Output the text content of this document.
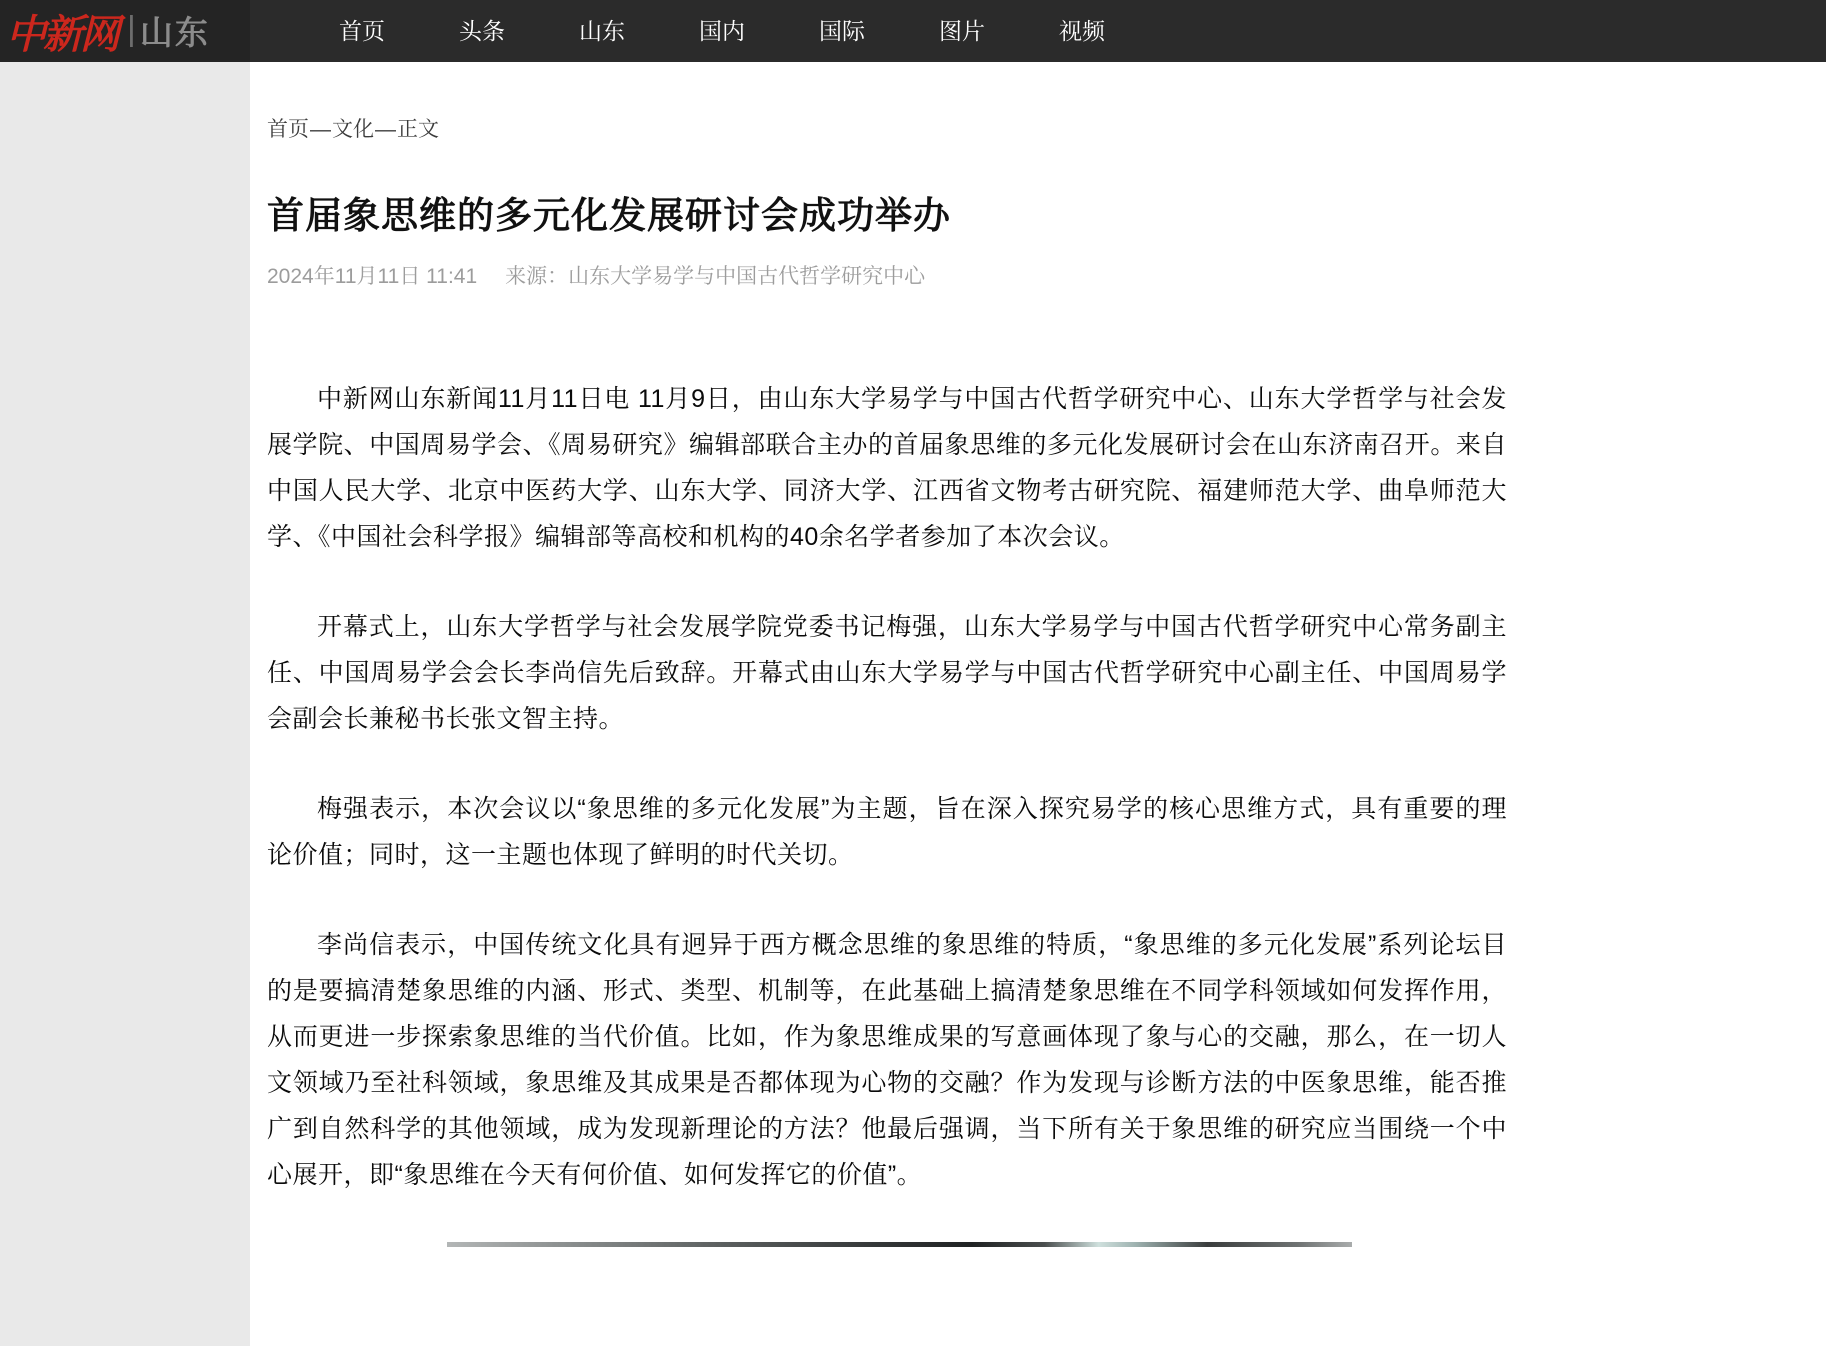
中新网 | 山东	首页	头条	山东	国内	国际	图片	视频
首页—文化—正文
首届象思维的多元化发展研讨会成功举办
2024年11月11日 11:41 来源：山东大学易学与中国古代哲学研究中心

中新网山东新闻11月11日电 11月9日，由山东大学易学与中国古代哲学研究中心、山东大学哲学与社会发展学院、中国周易学会、《周易研究》编辑部联合主办的首届象思维的多元化发展研讨会在山东济南召开。来自中国人民大学、北京中医药大学、山东大学、同济大学、江西省文物考古研究院、福建师范大学、曲阜师范大学、《中国社会科学报》编辑部等高校和机构的40余名学者参加了本次会议。

开幕式上，山东大学哲学与社会发展学院党委书记梅强，山东大学易学与中国古代哲学研究中心常务副主任、中国周易学会会长李尚信先后致辞。开幕式由山东大学易学与中国古代哲学研究中心副主任、中国周易学会副会长兼秘书长张文智主持。

梅强表示，本次会议以“象思维的多元化发展”为主题，旨在深入探究易学的核心思维方式，具有重要的理论价值；同时，这一主题也体现了鲜明的时代关切。

李尚信表示，中国传统文化具有迥异于西方概念思维的象思维的特质，“象思维的多元化发展”系列论坛目的是要搞清楚象思维的内涵、形式、类型、机制等，在此基础上搞清楚象思维在不同学科领域如何发挥作用，从而更进一步探索象思维的当代价值。比如，作为象思维成果的写意画体现了象与心的交融，那么，在一切人文领域乃至社科领域，象思维及其成果是否都体现为心物的交融？作为发现与诊断方法的中医象思维，能否推广到自然科学的其他领域，成为发现新理论的方法？他最后强调，当下所有关于象思维的研究应当围绕一个中心展开，即“象思维在今天有何价值、如何发挥它的价值”。
